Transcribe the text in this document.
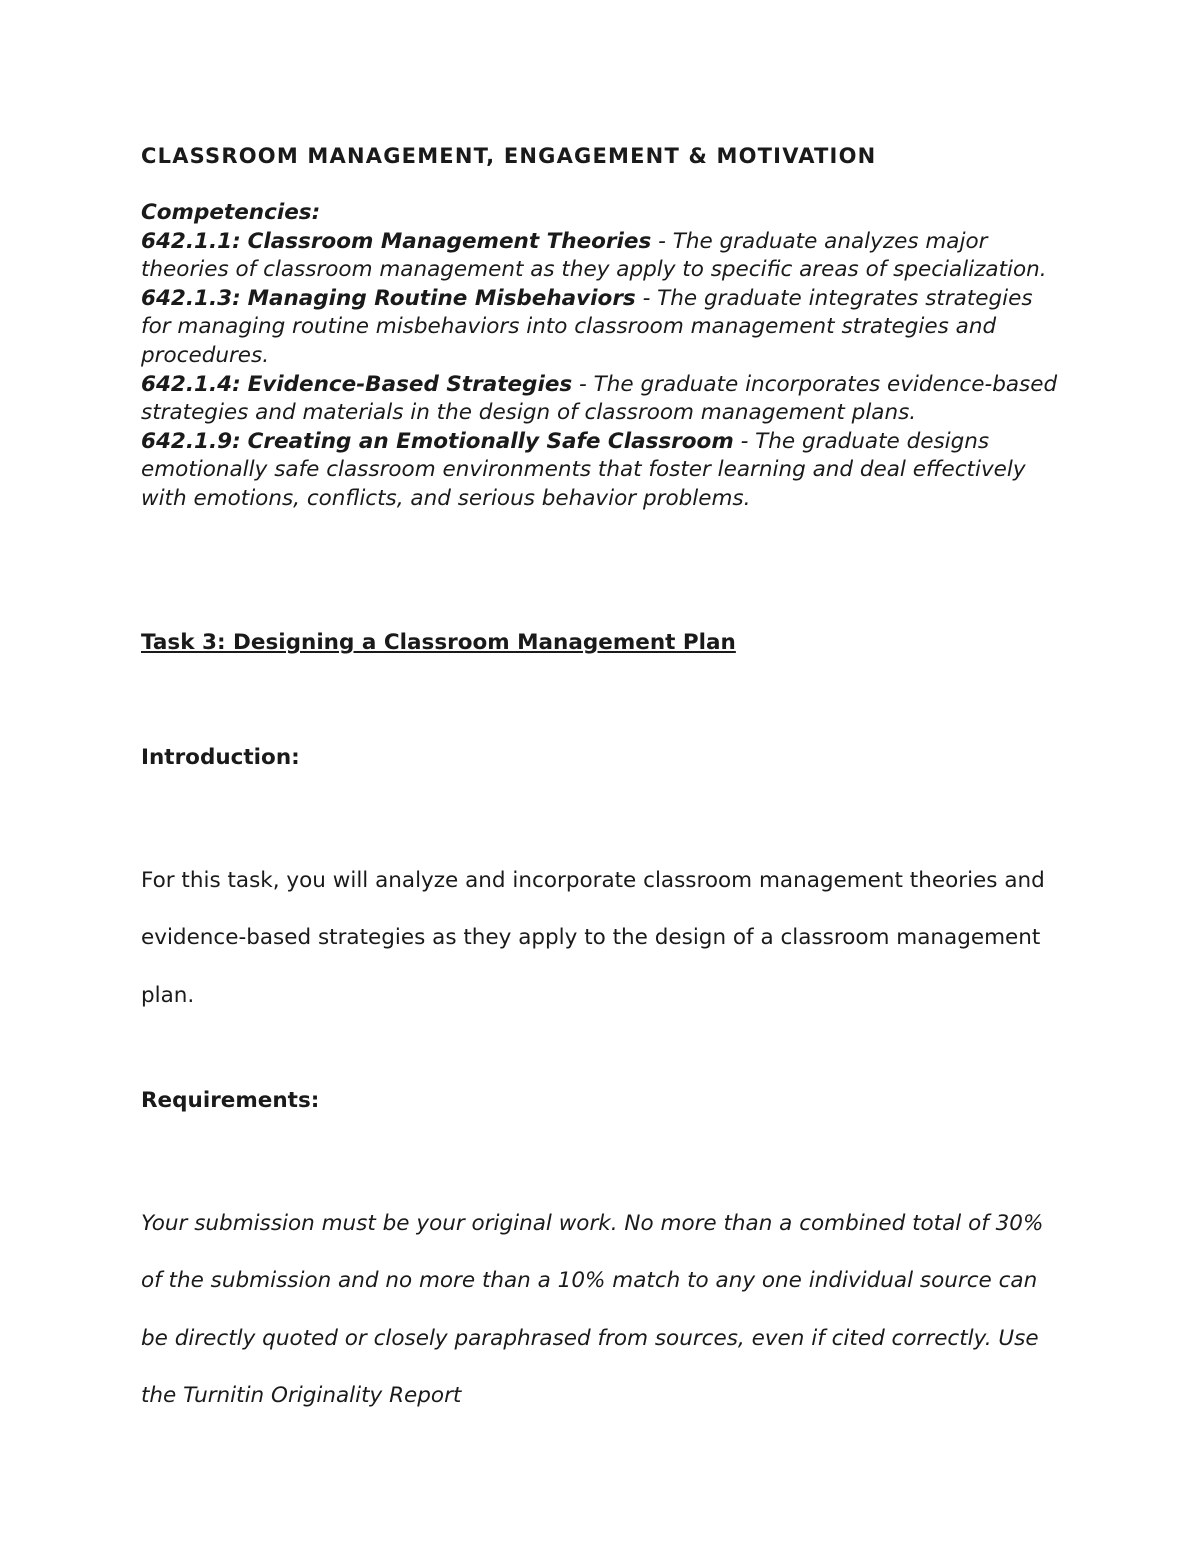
CLASSROOM MANAGEMENT, ENGAGEMENT & MOTIVATION

Competencies:

642.1.1: Classroom Management Theories - The graduate analyzes major theories of classroom management as they apply to specific areas of specialization.

642.1.3: Managing Routine Misbehaviors - The graduate integrates strategies for managing routine misbehaviors into classroom management strategies and procedures.

642.1.4: Evidence-Based Strategies - The graduate incorporates evidence-based strategies and materials in the design of classroom management plans.

642.1.9: Creating an Emotionally Safe Classroom - The graduate designs emotionally safe classroom environments that foster learning and deal effectively with emotions, conflicts, and serious behavior problems.

Task 3: Designing a Classroom Management Plan
Introduction:

For this task, you will analyze and incorporate classroom management theories and evidence-based strategies as they apply to the design of a classroom management plan.

Requirements:

Your submission must be your original work. No more than a combined total of 30% of the submission and no more than a 10% match to any one individual source can be directly quoted or closely paraphrased from sources, even if cited correctly. Use the Turnitin Originality Report
